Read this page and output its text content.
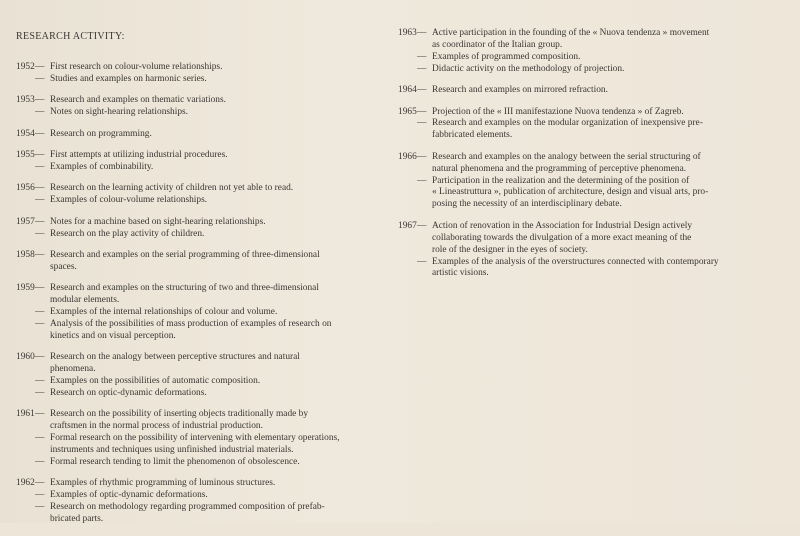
RESEARCH ACTIVITY:
1952 — First research on colour-volume relationships.
— Studies and examples on harmonic series.
1953 — Research and examples on thematic variations.
— Notes on sight-hearing relationships.
1954 — Research on programming.
1955 — First attempts at utilizing industrial procedures.
— Examples of combinability.
1956 — Research on the learning activity of children not yet able to read.
— Examples of colour-volume relationships.
1957 — Notes for a machine based on sight-hearing relationships.
— Research on the play activity of children.
1958 — Research and examples on the serial programming of three-dimensional
spaces.
1959 — Research and examples on the structuring of two and three-dimensional
modular elements.
— Examples of the internal relationships of colour and volume.
— Analysis of the possibilities of mass production of examples of research on
kinetics and on visual perception.
1960 — Research on the analogy between perceptive structures and natural
phenomena.
— Examples on the possibilities of automatic composition.
— Research on optic-dynamic deformations.
1961 — Research on the possibility of inserting objects traditionally made by
craftsmen in the normal process of industrial production.
— Formal research on the possibility of intervening with elementary operations,
instruments and techniques using unfinished industrial materials.
— Formal research tending to limit the phenomenon of obsolescence.
1962 — Examples of rhythmic programming of luminous structures.
— Examples of optic-dynamic deformations.
— Research on methodology regarding programmed composition of prefab-
bricated parts.
1963 — Active participation in the founding of the « Nuova tendenza » movement
as coordinator of the Italian group.
— Examples of programmed composition.
— Didactic activity on the methodology of projection.
1964 — Research and examples on mirrored refraction.
1965 — Projection of the « III manifestazione Nuova tendenza » of Zagreb.
— Research and examples on the modular organization of inexpensive pre-
fabbricated elements.
1966 — Research and examples on the analogy between the serial structuring of
natural phenomena and the programming of perceptive phenomena.
— Participation in the realization and the determining of the position of
« Lineastruttura », publication of architecture, design and visual arts, pro-
posing the necessity of an interdisciplinary debate.
1967 — Action of renovation in the Association for Industrial Design actively
collaborating towards the divulgation of a more exact meaning of the
role of the designer in the eyes of society.
— Examples of the analysis of the overstructures connected with contemporary
artistic visions.
